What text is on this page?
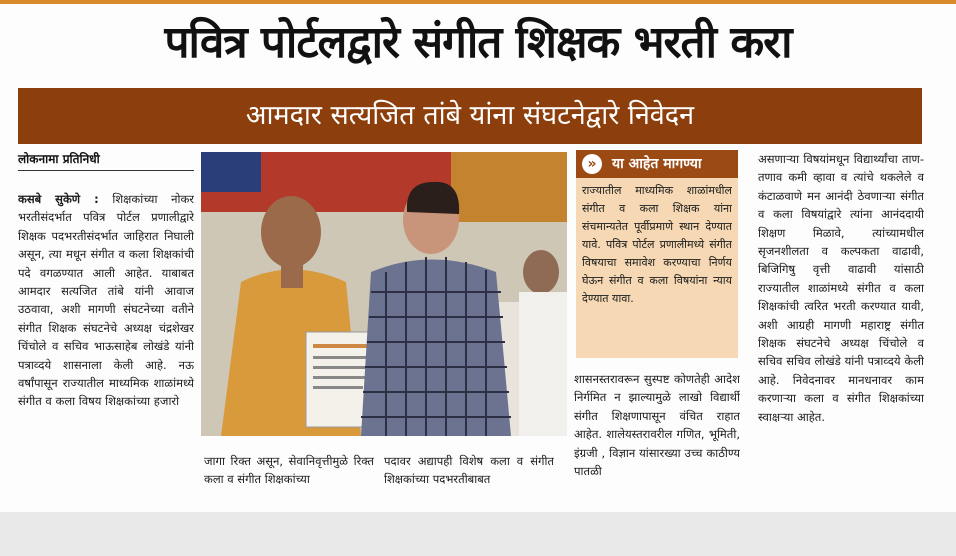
पवित्र पोर्टलद्वारे संगीत शिक्षक भरती करा
आमदार सत्यजित तांबे यांना संघटनेद्वारे निवेदन
लोकनामा प्रतिनिधी
कसबे सुकेणे : शिक्षकांच्या नोकर भरतीसंदर्भात पवित्र पोर्टल प्रणालीद्वारे शिक्षक पदभरतीसंदर्भात जाहिरात निघाली असून, त्या मधून संगीत व कला शिक्षकांची पदे वगळण्यात आली आहेत. याबाबत आमदार सत्यजित तांबे यांनी आवाज उठवावा, अशी मागणी संघटनेच्या वतीने संगीत शिक्षक संघटनेचे अध्यक्ष चंद्रशेखर चिंचोले व सचिव भाऊसाहेब लोखंडे यांनी पत्राव्दये शासनाला केली आहे. नऊ वर्षांपासून राज्यातील माध्यमिक शाळांमध्ये संगीत व कला विषय शिक्षकांच्या हजारो
जागा रिक्त असून, सेवानिवृत्तीमुळे रिक्त कला व संगीत शिक्षकांच्या
पदावर अद्यापही विशेष कला व संगीत शिक्षकांच्या पदभरतीबाबत
»	या आहेत मागण्या
राज्यातील माध्यमिक शाळांमधील संगीत व कला शिक्षक यांना संचमान्यतेत पूर्वीप्रमाणे स्थान देण्यात यावे. पवित्र पोर्टल प्रणालीमध्ये संगीत विषयाचा समावेश करण्याचा निर्णय घेऊन संगीत व कला विषयांना न्याय देण्यात यावा.
शासनस्तरावरून सुस्पष्ट कोणतेही आदेश निर्गमित न झाल्यामुळे लाखो विद्यार्थी संगीत शिक्षणापासून वंचित राहात आहेत. शालेयस्तरावरील गणित, भूमिती, इंग्रजी , विज्ञान यांसारख्या उच्च काठीण्य पातळी
असणाऱ्या विषयांमधून विद्यार्थ्यांचा ताण-तणाव कमी व्हावा व त्यांचे थकलेले व कंटाळवाणे मन आनंदी ठेवणाऱ्या संगीत व कला विषयांद्वारे त्यांना आनंददायी शिक्षण मिळावे, त्यांच्यामधील सृजनशीलता व कल्पकता वाढावी, बिजिगिषु वृत्ती वाढावी यांसाठी राज्यातील शाळांमध्ये संगीत व कला शिक्षकांची त्वरित भरती करण्यात यावी, अशी आग्रही मागणी महाराष्ट्र संगीत शिक्षक संघटनेचे अध्यक्ष चिंचोले व सचिव सचिव लोखंडे यांनी पत्राव्दये केली आहे. निवेदनावर मानधनावर काम करणाऱ्या कला व संगीत शिक्षकांच्या स्वाक्षऱ्या आहेत.
